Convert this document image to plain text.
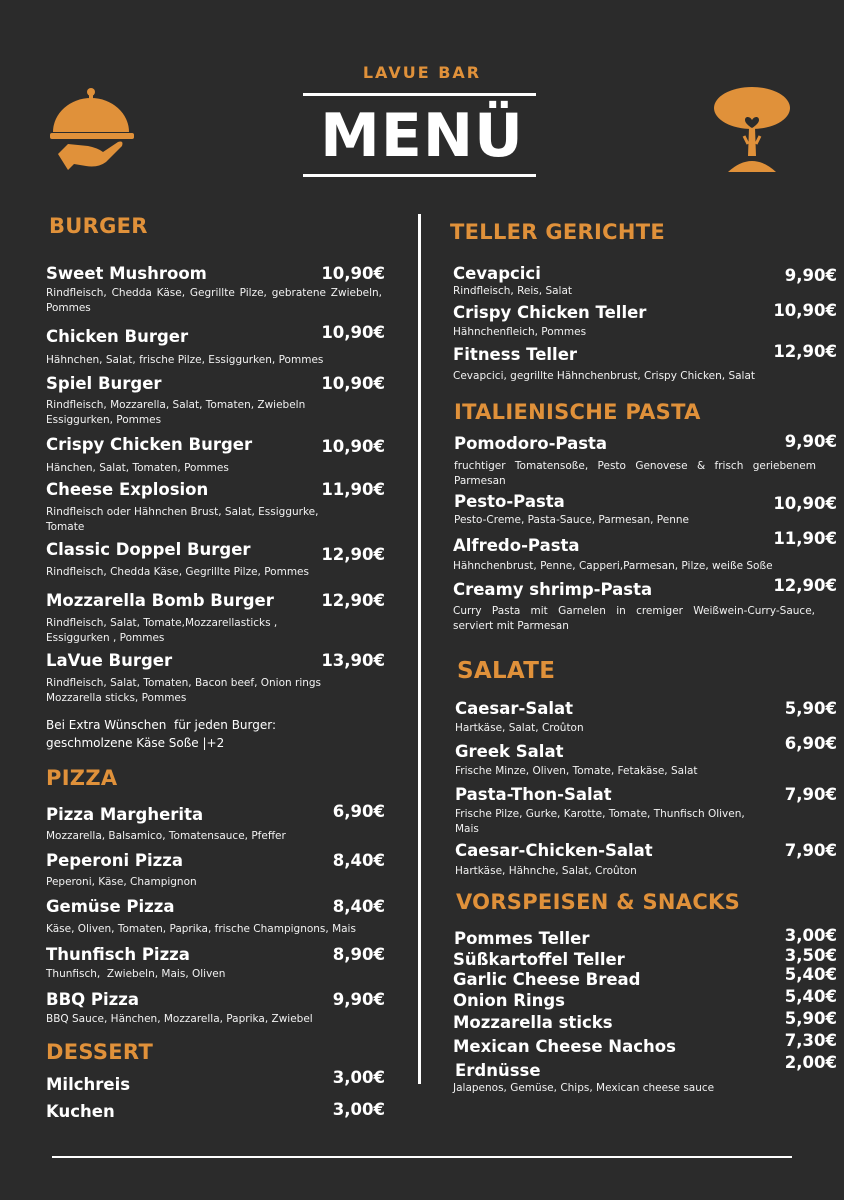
LAVUE BAR
MENÜ
BURGER
Sweet Mushroom	10,90€
Rindfleisch, Chedda Käse, Gegrillte Pilze, gebratene Zwiebeln, Pommes
Chicken Burger	10,90€
Hähnchen, Salat, frische Pilze, Essiggurken, Pommes
Spiel Burger	10,90€
Rindfleisch, Mozzarella, Salat, Tomaten, Zwiebeln Essiggurken, Pommes
Crispy Chicken Burger	10,90€
Hänchen, Salat, Tomaten, Pommes
Cheese Explosion	11,90€
Rindfleisch oder Hähnchen Brust, Salat, Essiggurke, Tomate
Classic Doppel Burger	12,90€
Rindfleisch, Chedda Käse, Gegrillte Pilze, Pommes
Mozzarella Bomb Burger	12,90€
Rindfleisch, Salat, Tomate,Mozzarellasticks , Essiggurken , Pommes
LaVue Burger	13,90€
Rindfleisch, Salat, Tomaten, Bacon beef, Onion rings Mozzarella sticks, Pommes
Bei Extra Wünschen  für jeden Burger:
geschmolzene Käse Soße |+2
PIZZA
Pizza Margherita	6,90€
Mozzarella, Balsamico, Tomatensauce, Pfeffer
Peperoni Pizza	8,40€
Peperoni, Käse, Champignon
Gemüse Pizza	8,40€
Käse, Oliven, Tomaten, Paprika, frische Champignons, Mais
Thunfisch Pizza	8,90€
Thunfisch,  Zwiebeln, Mais, Oliven
BBQ Pizza	9,90€
BBQ Sauce, Hänchen, Mozzarella, Paprika, Zwiebel
DESSERT
Milchreis	3,00€
Kuchen	3,00€
TELLER GERICHTE
Cevapcici	9,90€
Rindfleisch, Reis, Salat
Crispy Chicken Teller	10,90€
Hähnchenfleich, Pommes
Fitness Teller	12,90€
Cevapcici, gegrillte Hähnchenbrust, Crispy Chicken, Salat
ITALIENISCHE PASTA
Pomodoro-Pasta	9,90€
fruchtiger Tomatensoße, Pesto Genovese & frisch geriebenem Parmesan
Pesto-Pasta	10,90€
Pesto-Creme, Pasta-Sauce, Parmesan, Penne
Alfredo-Pasta	11,90€
Hähnchenbrust, Penne, Capperi,Parmesan, Pilze, weiße Soße
Creamy shrimp-Pasta	12,90€
Curry Pasta mit Garnelen in cremiger Weißwein-Curry-Sauce, serviert mit Parmesan
SALATE
Caesar-Salat	5,90€
Hartkäse, Salat, Croûton
Greek Salat	6,90€
Frische Minze, Oliven, Tomate, Fetakäse, Salat
Pasta-Thon-Salat	7,90€
Frische Pilze, Gurke, Karotte, Tomate, Thunfisch Oliven, Mais
Caesar-Chicken-Salat	7,90€
Hartkäse, Hähnche, Salat, Croûton
VORSPEISEN & SNACKS
Pommes Teller	3,00€
Süßkartoffel Teller	3,50€
Garlic Cheese Bread	5,40€
Onion Rings	5,40€
Mozzarella sticks	5,90€
Mexican Cheese Nachos	7,30€
Erdnüsse	2,00€
Jalapenos, Gemüse, Chips, Mexican cheese sauce
